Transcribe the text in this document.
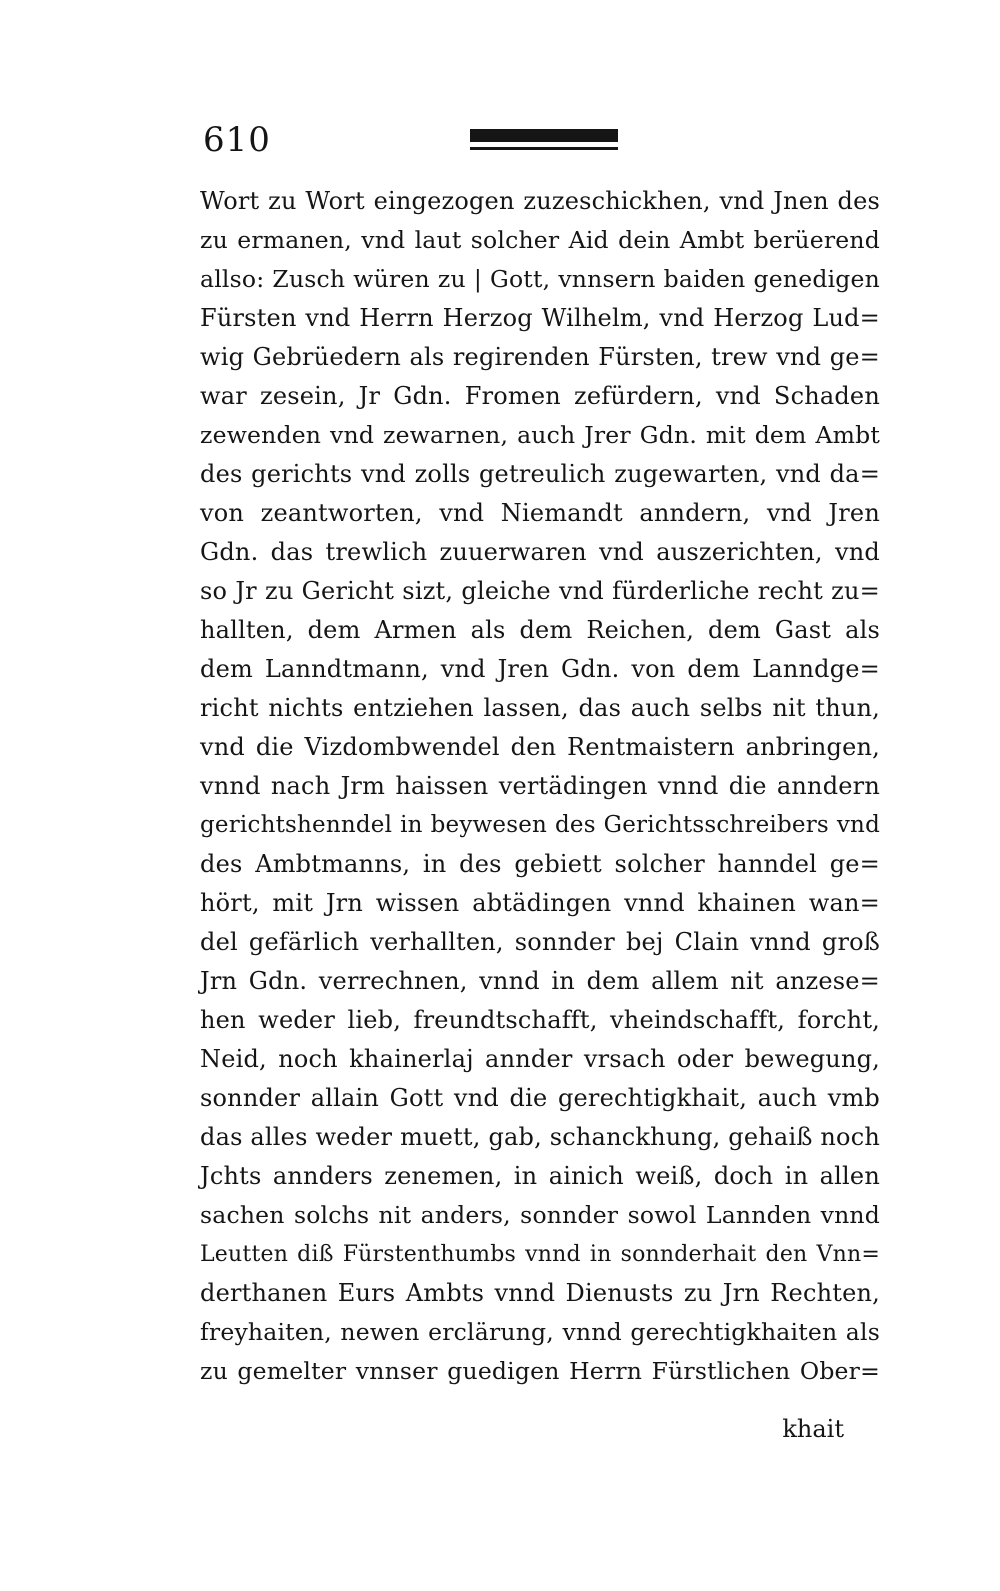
610
Wort zu Wort eingezogen zuzeschickhen, vnd Jnen des
zu ermanen, vnd laut solcher Aid dein Ambt berüerend
allso: Zusch würen zu | Gott, vnnsern baiden genedigen
Fürsten vnd Herrn Herzog Wilhelm, vnd Herzog Lud=
wig Gebrüedern als regirenden Fürsten, trew vnd ge=
war zesein, Jr Gdn. Fromen zefürdern, vnd Schaden
zewenden vnd zewarnen, auch Jrer Gdn. mit dem Ambt
des gerichts vnd zolls getreulich zugewarten, vnd da=
von zeantworten, vnd Niemandt anndern, vnd Jren
Gdn. das trewlich zuuerwaren vnd auszerichten, vnd
so Jr zu Gericht sizt, gleiche vnd fürderliche recht zu=
hallten, dem Armen als dem Reichen, dem Gast als
dem Lanndtmann, vnd Jren Gdn. von dem Lanndge=
richt nichts entziehen lassen, das auch selbs nit thun,
vnd die Vizdombwendel den Rentmaistern anbringen,
vnnd nach Jrm haissen vertädingen vnnd die anndern
gerichtshenndel in beywesen des Gerichtsschreibers vnd
des Ambtmanns, in des gebiett solcher hanndel ge=
hört, mit Jrn wissen abtädingen vnnd khainen wan=
del gefärlich verhallten, sonnder bej Clain vnnd groß
Jrn Gdn. verrechnen, vnnd in dem allem nit anzese=
hen weder lieb, freundtschafft, vheindschafft, forcht,
Neid, noch khainerlaj annder vrsach oder bewegung,
sonnder allain Gott vnd die gerechtigkhait, auch vmb
das alles weder muett, gab, schanckhung, gehaiß noch
Jchts annders zenemen, in ainich weiß, doch in allen
sachen solchs nit anders, sonnder sowol Lannden vnnd
Leutten diß Fürstenthumbs vnnd in sonnderhait den Vnn=
derthanen Eurs Ambts vnnd Dienusts zu Jrn Rechten,
freyhaiten, newen erclärung, vnnd gerechtigkhaiten als
zu gemelter vnnser guedigen Herrn Fürstlichen Ober=
khait
